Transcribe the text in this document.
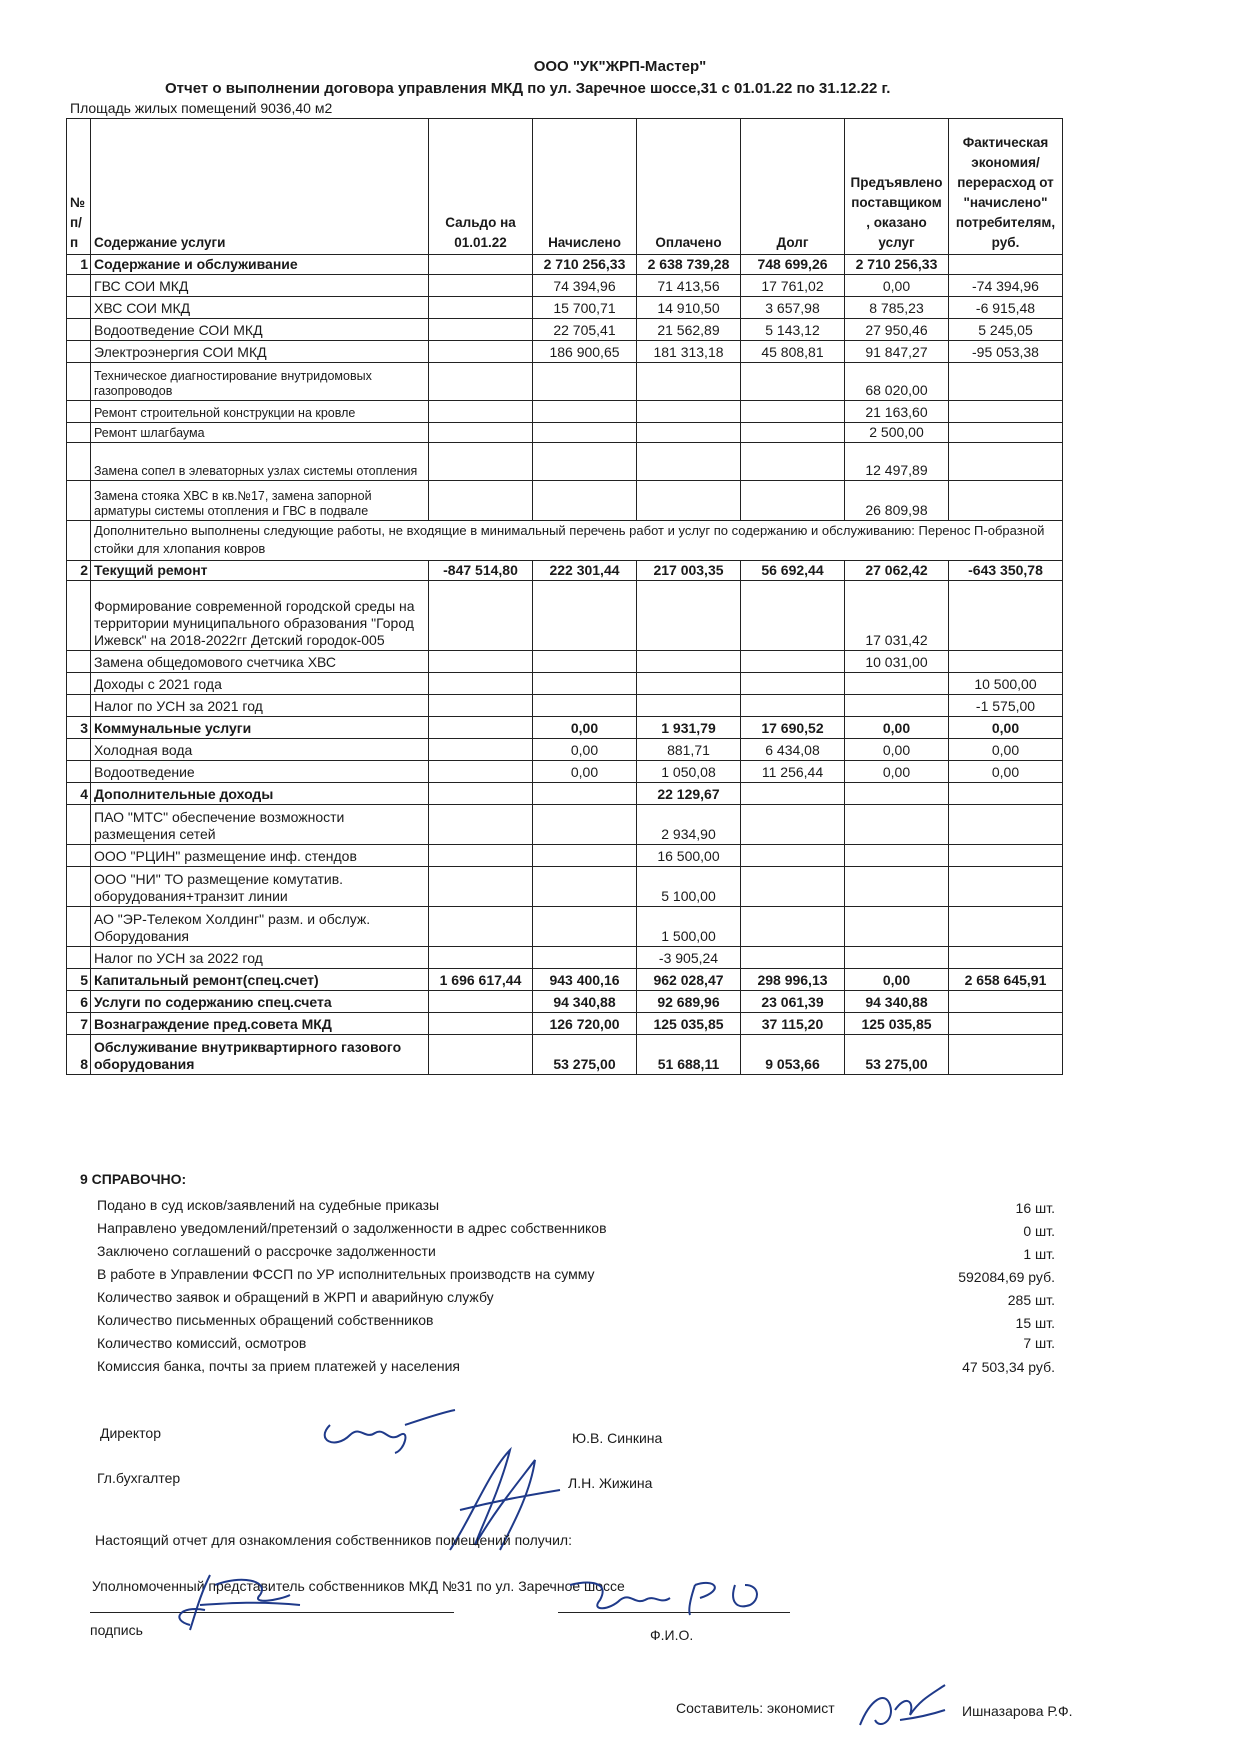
ООО "УК"ЖРП-Мастер"
Отчет о выполнении договора управления МКД по ул. Заречное шоссе,31 с 01.01.22 по 31.12.22 г.
Площадь жилых помещений 9036,40 м2
№ п/п	Содержание услуги	Сальдо на 01.01.22	Начислено	Оплачено	Долг	Предъявлено поставщиком , оказано услуг	Фактическая экономия/перерасход от "начислено" потребителям, руб.
1	Содержание и обслуживание		2 710 256,33	2 638 739,28	748 699,26	2 710 256,33	
	ГВС СОИ МКД		74 394,96	71 413,56	17 761,02	0,00	-74 394,96
	ХВС СОИ МКД		15 700,71	14 910,50	3 657,98	8 785,23	-6 915,48
	Водоотведение СОИ МКД		22 705,41	21 562,89	5 143,12	27 950,46	5 245,05
	Электроэнергия СОИ МКД		186 900,65	181 313,18	45 808,81	91 847,27	-95 053,38
	Техническое диагностирование внутридомовых газопроводов					68 020,00	
	Ремонт строительной конструкции на кровле					21 163,60	
	Ремонт шлагбаума					2 500,00	
	Замена сопел в элеваторных узлах системы отопления					12 497,89	
	Замена стояка ХВС в кв.№17, замена запорной арматуры системы отопления и ГВС в подвале					26 809,98	
	Дополнительно выполнены следующие работы, не входящие в минимальный перечень работ и услуг по содержанию и обслуживанию: Перенос П-образной стойки для хлопания ковров						
2	Текущий ремонт	-847 514,80	222 301,44	217 003,35	56 692,44	27 062,42	-643 350,78
	Формирование современной городской среды на территории муниципального образования "Город Ижевск" на 2018-2022гг Детский городок-005					17 031,42	
	Замена общедомового счетчика ХВС					10 031,00	
	Доходы с 2021 года						10 500,00
	Налог по УСН за 2021 год						-1 575,00
3	Коммунальные услуги		0,00	1 931,79	17 690,52	0,00	0,00
	Холодная вода		0,00	881,71	6 434,08	0,00	0,00
	Водоотведение		0,00	1 050,08	11 256,44	0,00	0,00
4	Дополнительные доходы			22 129,67			
	ПАО "МТС" обеспечение возможности размещения сетей			2 934,90			
	ООО "РЦИН" размещение инф. стендов			16 500,00			
	ООО "НИ" ТО размещение комутатив. оборудования+транзит линии			5 100,00			
	АО "ЭР-Телеком Холдинг" разм. и обслуж. Оборудования			1 500,00			
	Налог по УСН за 2022 год			-3 905,24			
5	Капитальный ремонт(спец.счет)	1 696 617,44	943 400,16	962 028,47	298 996,13	0,00	2 658 645,91
6	Услуги по содержанию спец.счета		94 340,88	92 689,96	23 061,39	94 340,88	
7	Вознаграждение пред.совета МКД		126 720,00	125 035,85	37 115,20	125 035,85	
8	Обслуживание внутриквартирного газового оборудования		53 275,00	51 688,11	9 053,66	53 275,00	
9 СПРАВОЧНО:
Подано в суд исков/заявлений на судебные приказы	16 шт.
Направлено уведомлений/претензий о задолженности в адрес собственников	0 шт.
Заключено соглашений о рассрочке задолженности	1 шт.
В работе в Управлении ФССП по УР исполнительных производств на сумму	592084,69 руб.
Количество заявок и обращений в ЖРП и аварийную службу	285 шт.
Количество письменных обращений собственников	15 шт.
Количество комиссий, осмотров	7 шт.
Комиссия банка, почты за прием платежей у населения	47 503,34 руб.
Директор	Ю.В. Синкина
Гл.бухгалтер	Л.Н. Жижина
Настоящий отчет для ознакомления собственников помещений получил:
Уполномоченный представитель собственников МКД №31 по ул. Заречное шоссе
подпись	Ф.И.О.
Составитель: экономист	Ишназарова Р.Ф.
